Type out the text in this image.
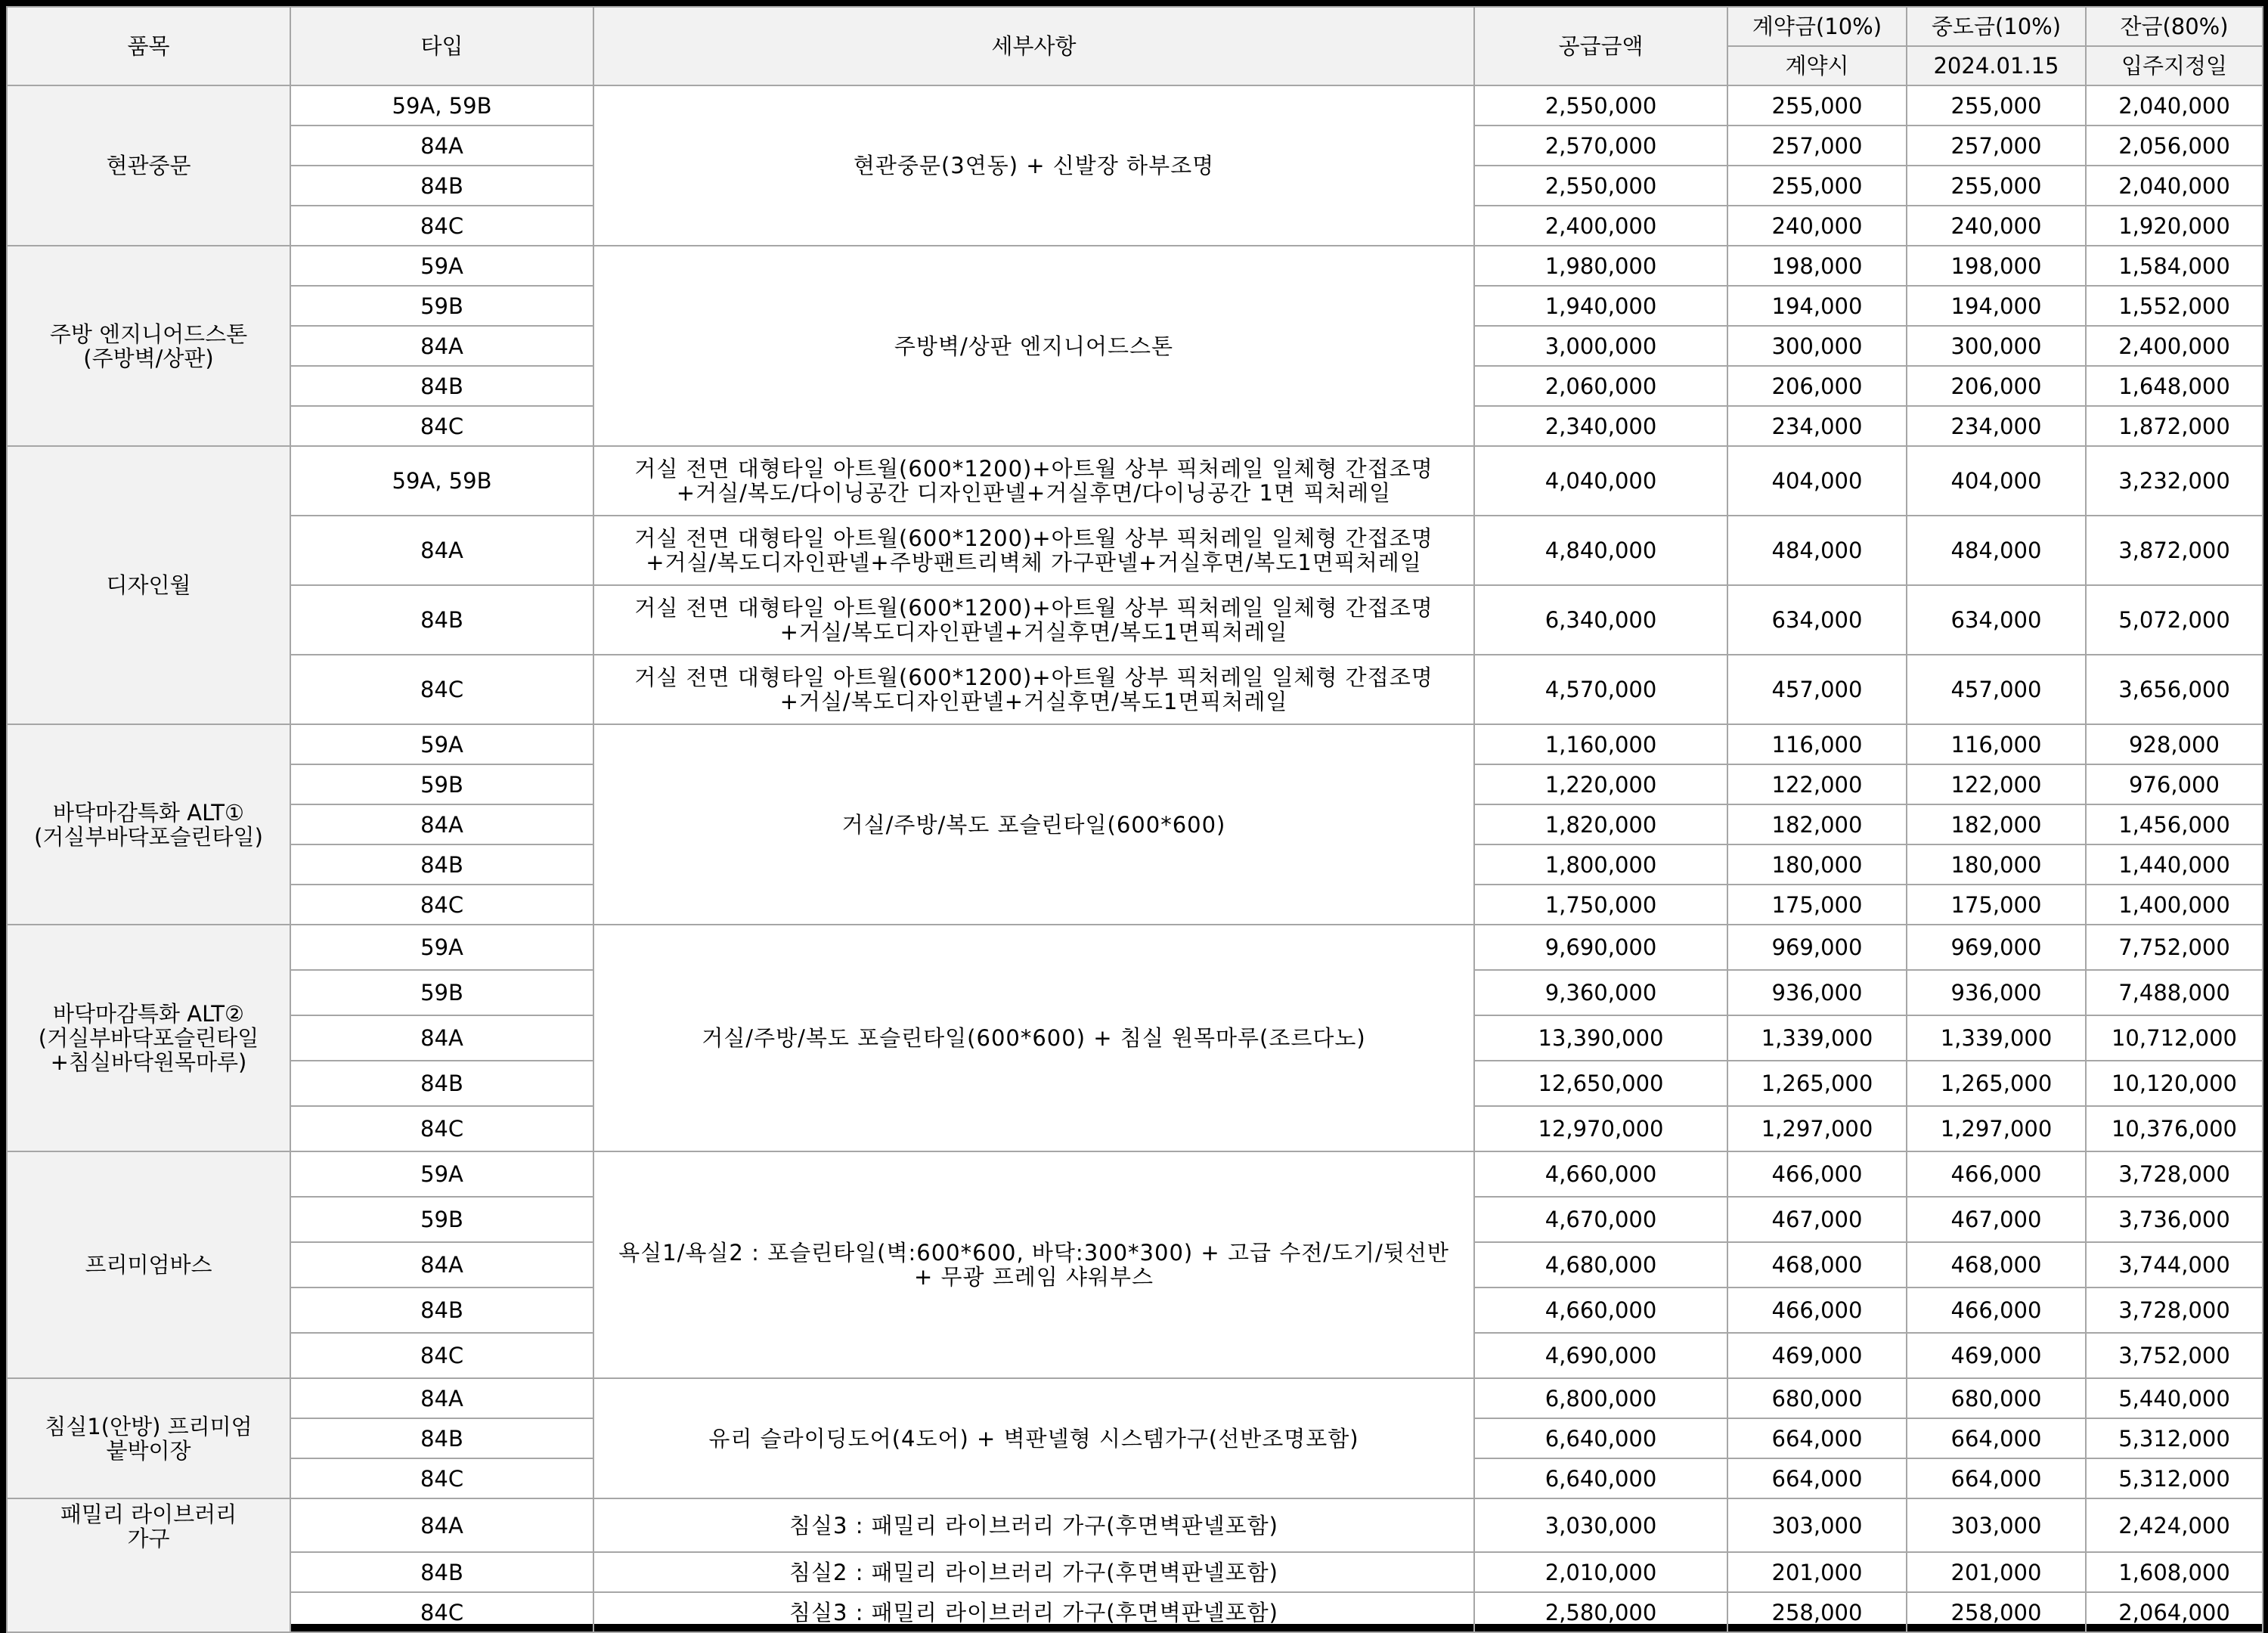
품목	타입	세부사항	공급금액	계약금(10%)	중도금(10%)	잔금(80%)
				계약시	2024.01.15	입주지정일

현관중문	59A, 59B	현관중문(3연동) + 신발장 하부조명	2,550,000	255,000	255,000	2,040,000
	84A		2,570,000	257,000	257,000	2,056,000
	84B		2,550,000	255,000	255,000	2,040,000
	84C		2,400,000	240,000	240,000	1,920,000

주방 엔지니어드스톤
(주방벽/상판)	59A	주방벽/상판 엔지니어드스톤	1,980,000	198,000	198,000	1,584,000
	59B		1,940,000	194,000	194,000	1,552,000
	84A		3,000,000	300,000	300,000	2,400,000
	84B		2,060,000	206,000	206,000	1,648,000
	84C		2,340,000	234,000	234,000	1,872,000

디자인월	59A, 59B	거실 전면 대형타일 아트월(600*1200)+아트월 상부 픽처레일 일체형 간접조명
+거실/복도/다이닝공간 디자인판넬+거실후면/다이닝공간 1면 픽처레일	4,040,000	404,000	404,000	3,232,000
	84A	거실 전면 대형타일 아트월(600*1200)+아트월 상부 픽처레일 일체형 간접조명
+거실/복도디자인판넬+주방팬트리벽체 가구판넬+거실후면/복도1면픽처레일	4,840,000	484,000	484,000	3,872,000
	84B	거실 전면 대형타일 아트월(600*1200)+아트월 상부 픽처레일 일체형 간접조명
+거실/복도디자인판넬+거실후면/복도1면픽처레일	6,340,000	634,000	634,000	5,072,000
	84C	거실 전면 대형타일 아트월(600*1200)+아트월 상부 픽처레일 일체형 간접조명
+거실/복도디자인판넬+거실후면/복도1면픽처레일	4,570,000	457,000	457,000	3,656,000

바닥마감특화 ALT①
(거실부바닥포슬린타일)	59A	거실/주방/복도 포슬린타일(600*600)	1,160,000	116,000	116,000	928,000
	59B		1,220,000	122,000	122,000	976,000
	84A		1,820,000	182,000	182,000	1,456,000
	84B		1,800,000	180,000	180,000	1,440,000
	84C		1,750,000	175,000	175,000	1,400,000

바닥마감특화 ALT②
(거실부바닥포슬린타일
+침실바닥원목마루)	59A	거실/주방/복도 포슬린타일(600*600) + 침실 원목마루(조르다노)	9,690,000	969,000	969,000	7,752,000
	59B		9,360,000	936,000	936,000	7,488,000
	84A		13,390,000	1,339,000	1,339,000	10,712,000
	84B		12,650,000	1,265,000	1,265,000	10,120,000
	84C		12,970,000	1,297,000	1,297,000	10,376,000

프리미엄바스	59A	욕실1/욕실2 : 포슬린타일(벽:600*600, 바닥:300*300) + 고급 수전/도기/뒷선반
+ 무광 프레임 샤워부스	4,660,000	466,000	466,000	3,728,000
	59B		4,670,000	467,000	467,000	3,736,000
	84A		4,680,000	468,000	468,000	3,744,000
	84B		4,660,000	466,000	466,000	3,728,000
	84C		4,690,000	469,000	469,000	3,752,000

침실1(안방) 프리미엄
붙박이장	84A	유리 슬라이딩도어(4도어) + 벽판넬형 시스템가구(선반조명포함)	6,800,000	680,000	680,000	5,440,000
	84B		6,640,000	664,000	664,000	5,312,000
	84C		6,640,000	664,000	664,000	5,312,000

패밀리 라이브러리
가구	84A	침실3 : 패밀리 라이브러리 가구(후면벽판넬포함)	3,030,000	303,000	303,000	2,424,000
	84B	침실2 : 패밀리 라이브러리 가구(후면벽판넬포함)	2,010,000	201,000	201,000	1,608,000
	84C	침실3 : 패밀리 라이브러리 가구(후면벽판넬포함)	2,580,000	258,000	258,000	2,064,000
